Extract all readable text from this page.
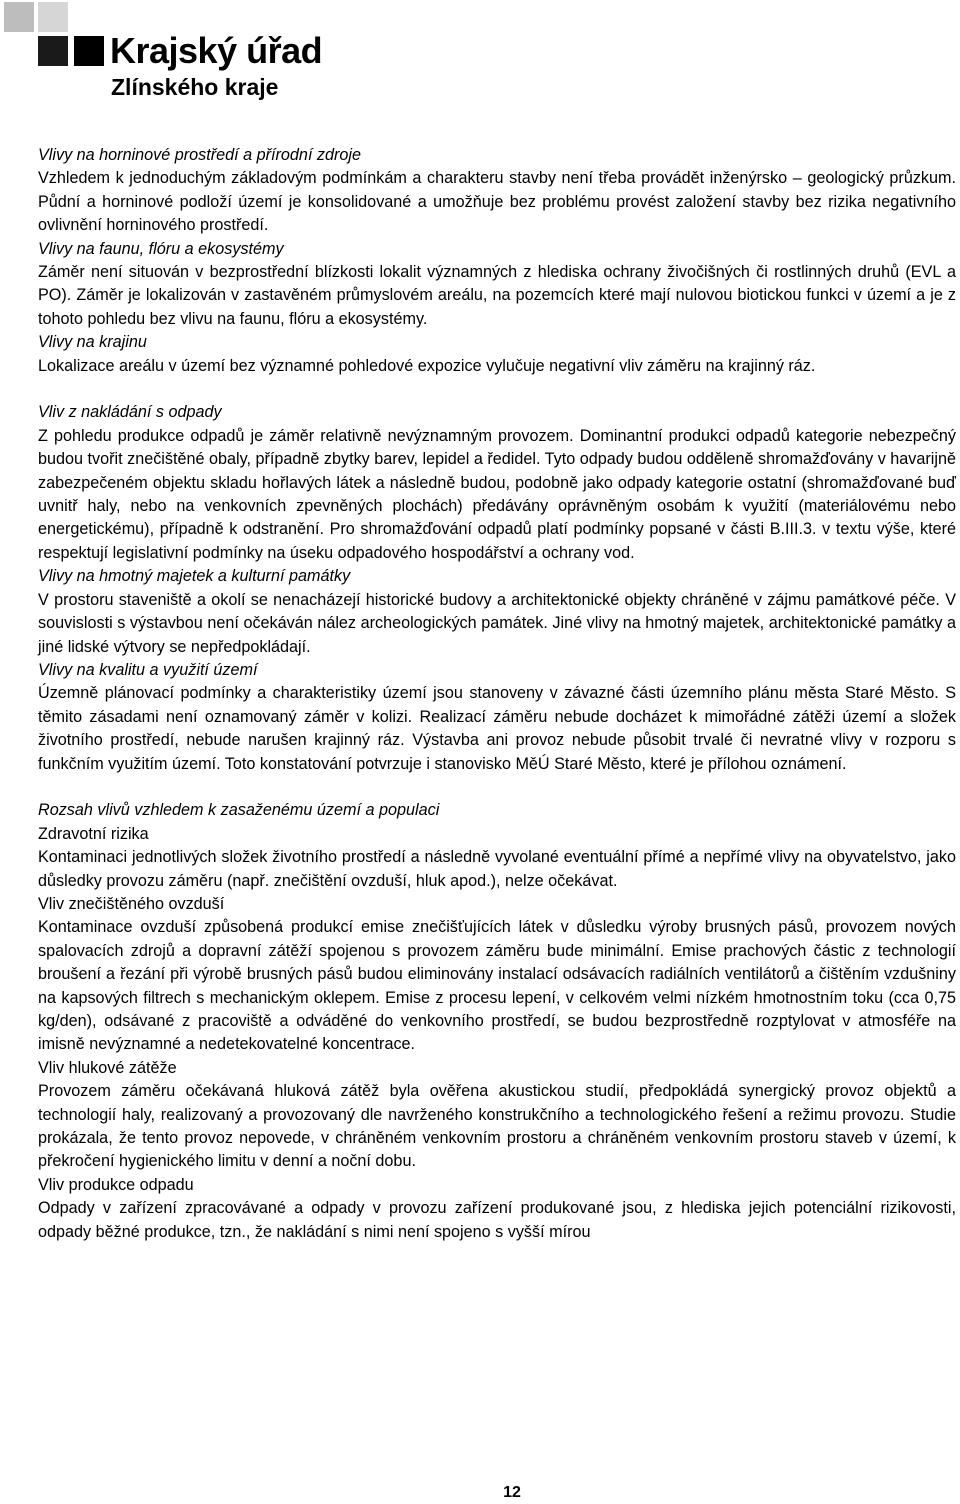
Krajský úřad
Zlínského kraje

Vlivy na horninové prostředí a přírodní zdroje

Vzhledem k jednoduchým základovým podmínkám a charakteru stavby není třeba provádět inženýrsko – geologický průzkum. Půdní a horninové podloží území je konsolidované a umožňuje bez problému provést založení stavby bez rizika negativního ovlivnění horninového prostředí.

Vlivy na faunu, flóru a ekosystémy

Záměr není situován v bezprostřední blízkosti lokalit významných z hlediska ochrany živočišných či rostlinných druhů (EVL a PO). Záměr je lokalizován v zastavěném průmyslovém areálu, na pozemcích které mají nulovou biotickou funkci v území a je z tohoto pohledu bez vlivu na faunu, flóru a ekosystémy.

Vlivy na krajinu

Lokalizace areálu v území bez významné pohledové expozice vylučuje negativní vliv záměru na krajinný ráz.

Vliv z nakládání s odpady

Z pohledu produkce odpadů je záměr relativně nevýznamným provozem. Dominantní produkci odpadů kategorie nebezpečný budou tvořit znečištěné obaly, případně zbytky barev, lepidel a ředidel. Tyto odpady budou odděleně shromažďovány v havarijně zabezpečeném objektu skladu hořlavých látek a následně budou, podobně jako odpady kategorie ostatní (shromažďované buď uvnitř haly, nebo na venkovních zpevněných plochách) předávány oprávněným osobám k využití (materiálovému nebo energetickému), případně k odstranění. Pro shromažďování odpadů platí podmínky popsané v části B.III.3. v textu výše, které respektují legislativní podmínky na úseku odpadového hospodářství a ochrany vod.

Vlivy na hmotný majetek a kulturní památky

V prostoru staveniště a okolí se nenacházejí historické budovy a architektonické objekty chráněné v zájmu památkové péče. V souvislosti s výstavbou není očekáván nález archeologických památek. Jiné vlivy na hmotný majetek, architektonické památky a jiné lidské výtvory se nepředpokládají.

Vlivy na kvalitu a využití území

Územně plánovací podmínky a charakteristiky území jsou stanoveny v závazné části územního plánu města Staré Město. S těmito zásadami není oznamovaný záměr v kolizi. Realizací záměru nebude docházet k mimořádné zátěži území a složek životního prostředí, nebude narušen krajinný ráz. Výstavba ani provoz nebude působit trvalé či nevratné vlivy v rozporu s funkčním využitím území. Toto konstatování potvrzuje i stanovisko MěÚ Staré Město, které je přílohou oznámení.

Rozsah vlivů vzhledem k zasaženému území a populaci

Zdravotní rizika

Kontaminaci jednotlivých složek životního prostředí a následně vyvolané eventuální přímé a nepřímé vlivy na obyvatelstvo, jako důsledky provozu záměru (např. znečištění ovzduší, hluk apod.), nelze očekávat.

Vliv znečištěného ovzduší

Kontaminace ovzduší způsobená produkcí emise znečišťujících látek v důsledku výroby brusných pásů, provozem nových spalovacích zdrojů a dopravní zátěží spojenou s provozem záměru bude minimální. Emise prachových částic z technologií broušení a řezání při výrobě brusných pásů budou eliminovány instalací odsávacích radiálních ventilátorů a čištěním vzdušniny na kapsových filtrech s mechanickým oklepem. Emise z procesu lepení, v celkovém velmi nízkém hmotnostním toku (cca 0,75 kg/den), odsávané z pracoviště a odváděné do venkovního prostředí, se budou bezprostředně rozptylovat v atmosféře na imisně nevýznamné a nedetekovatelné koncentrace.

Vliv hlukové zátěže

Provozem záměru očekávaná hluková zátěž byla ověřena akustickou studií, předpokládá synergický provoz objektů a technologií haly, realizovaný a provozovaný dle navrženého konstrukčního a technologického řešení a režimu provozu. Studie prokázala, že tento provoz nepovede, v chráněném venkovním prostoru a chráněném venkovním prostoru staveb v území, k překročení hygienického limitu v denní a noční dobu.

Vliv produkce odpadu

Odpady v zařízení zpracovávané a odpady v provozu zařízení produkované jsou, z hlediska jejich potenciální rizikovosti, odpady běžné produkce, tzn., že nakládání s nimi není spojeno s vyšší mírou

12
